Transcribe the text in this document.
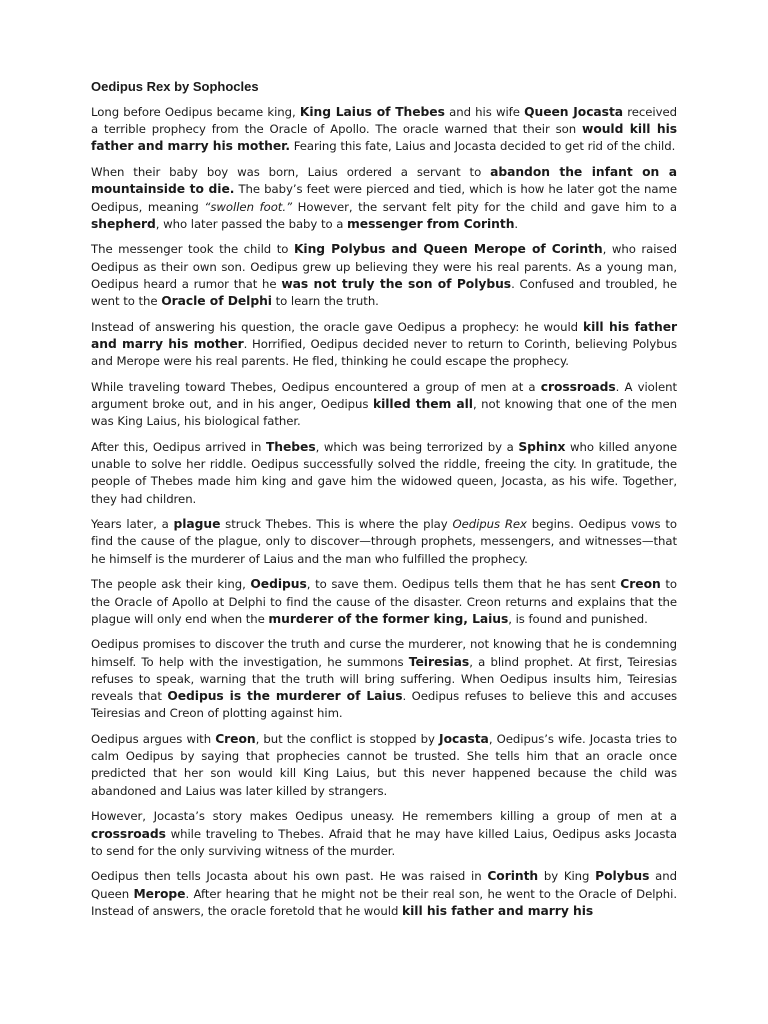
Oedipus Rex by Sophocles

Long before Oedipus became king, King Laius of Thebes and his wife Queen Jocasta received a terrible prophecy from the Oracle of Apollo. The oracle warned that their son would kill his father and marry his mother. Fearing this fate, Laius and Jocasta decided to get rid of the child.

When their baby boy was born, Laius ordered a servant to abandon the infant on a mountainside to die. The baby’s feet were pierced and tied, which is how he later got the name Oedipus, meaning “swollen foot.” However, the servant felt pity for the child and gave him to a shepherd, who later passed the baby to a messenger from Corinth.

The messenger took the child to King Polybus and Queen Merope of Corinth, who raised Oedipus as their own son. Oedipus grew up believing they were his real parents. As a young man, Oedipus heard a rumor that he was not truly the son of Polybus. Confused and troubled, he went to the Oracle of Delphi to learn the truth.

Instead of answering his question, the oracle gave Oedipus a prophecy: he would kill his father and marry his mother. Horrified, Oedipus decided never to return to Corinth, believing Polybus and Merope were his real parents. He fled, thinking he could escape the prophecy.

While traveling toward Thebes, Oedipus encountered a group of men at a crossroads. A violent argument broke out, and in his anger, Oedipus killed them all, not knowing that one of the men was King Laius, his biological father.

After this, Oedipus arrived in Thebes, which was being terrorized by a Sphinx who killed anyone unable to solve her riddle. Oedipus successfully solved the riddle, freeing the city. In gratitude, the people of Thebes made him king and gave him the widowed queen, Jocasta, as his wife. Together, they had children.

Years later, a plague struck Thebes. This is where the play Oedipus Rex begins. Oedipus vows to find the cause of the plague, only to discover—through prophets, messengers, and witnesses—that he himself is the murderer of Laius and the man who fulfilled the prophecy.

The people ask their king, Oedipus, to save them. Oedipus tells them that he has sent Creon to the Oracle of Apollo at Delphi to find the cause of the disaster. Creon returns and explains that the plague will only end when the murderer of the former king, Laius, is found and punished.

Oedipus promises to discover the truth and curse the murderer, not knowing that he is condemning himself. To help with the investigation, he summons Teiresias, a blind prophet. At first, Teiresias refuses to speak, warning that the truth will bring suffering. When Oedipus insults him, Teiresias reveals that Oedipus is the murderer of Laius. Oedipus refuses to believe this and accuses Teiresias and Creon of plotting against him.

Oedipus argues with Creon, but the conflict is stopped by Jocasta, Oedipus’s wife. Jocasta tries to calm Oedipus by saying that prophecies cannot be trusted. She tells him that an oracle once predicted that her son would kill King Laius, but this never happened because the child was abandoned and Laius was later killed by strangers.

However, Jocasta’s story makes Oedipus uneasy. He remembers killing a group of men at a crossroads while traveling to Thebes. Afraid that he may have killed Laius, Oedipus asks Jocasta to send for the only surviving witness of the murder.

Oedipus then tells Jocasta about his own past. He was raised in Corinth by King Polybus and Queen Merope. After hearing that he might not be their real son, he went to the Oracle of Delphi. Instead of answers, the oracle foretold that he would kill his father and marry his
